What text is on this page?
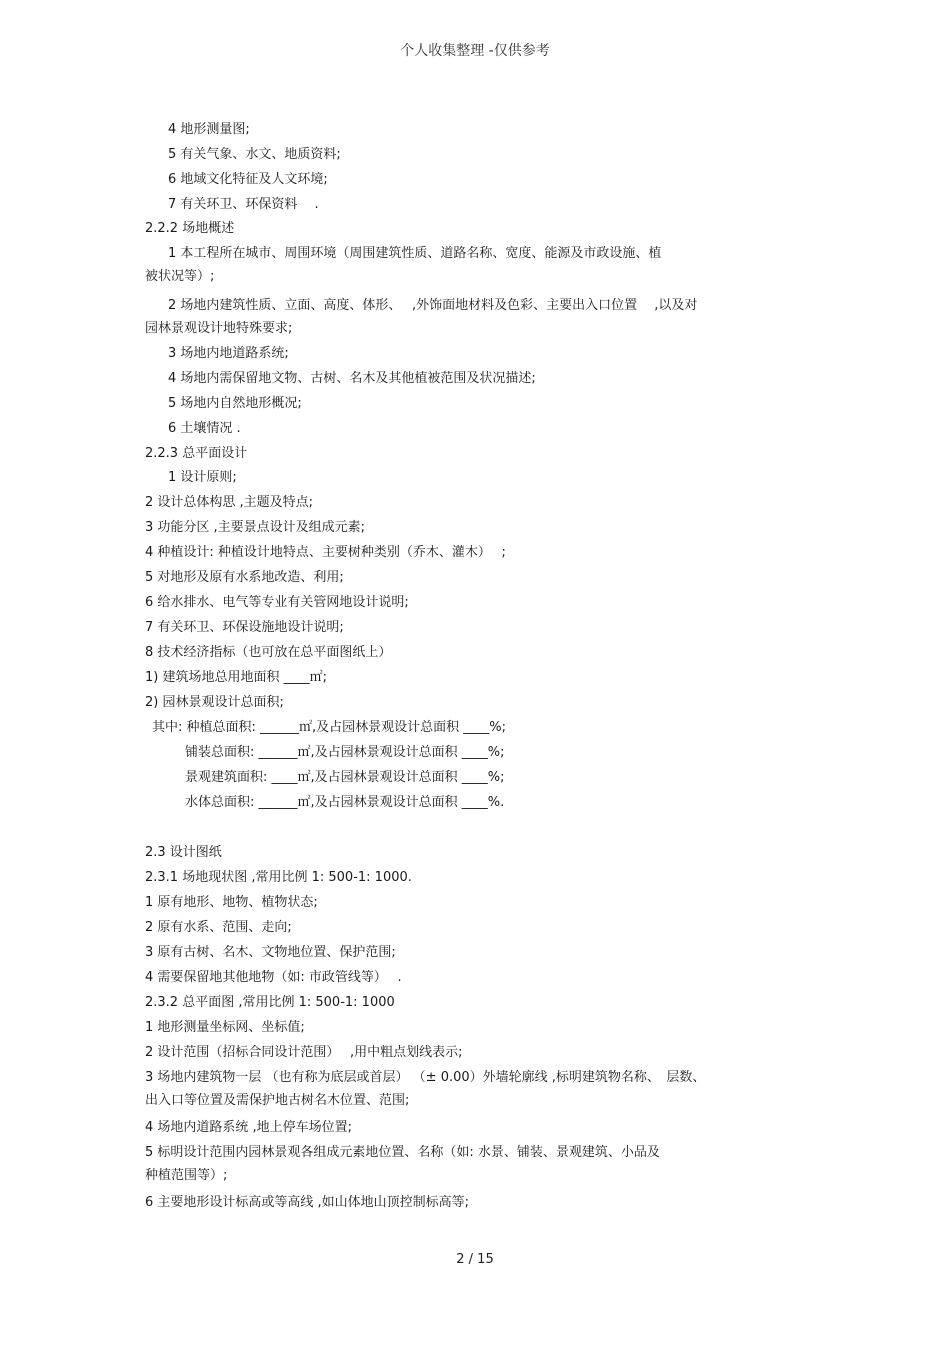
个人收集整理 -仅供参考
4 地形测量图;
5 有关气象、水文、地质资料;
6 地域文化特征及人文环境;
7 有关环卫、环保资料　 .
2.2.2 场地概述
1 本工程所在城市、周围环境（周围建筑性质、道路名称、宽度、能源及市政设施、植
被状况等）;
2 场地内建筑性质、立面、高度、体形、　 ,外饰面地材料及色彩、主要出入口位置　 ,以及对
园林景观设计地特殊要求;
3 场地内地道路系统;
4 场地内需保留地文物、古树、名木及其他植被范围及状况描述;
5 场地内自然地形概况;
6 土壤情况 .
2.2.3 总平面设计
1 设计原则;
2 设计总体构思 ,主题及特点;
3 功能分区 ,主要景点设计及组成元素;
4 种植设计: 种植设计地特点、主要树种类别（乔木、灌木）　 ;
5 对地形及原有水系地改造、利用;
6 给水排水、电气等专业有关管网地设计说明;
7 有关环卫、环保设施地设计说明;
8 技术经济指标（也可放在总平面图纸上）
1) 建筑场地总用地面积 ____㎡;
2) 园林景观设计总面积;
其中: 种植总面积: ______㎡,及占园林景观设计总面积 ____%;
铺装总面积: ______㎡,及占园林景观设计总面积 ____%;
景观建筑面积: ____㎡,及占园林景观设计总面积 ____%;
水体总面积: ______㎡,及占园林景观设计总面积 ____%.
2.3 设计图纸
2.3.1 场地现状图 ,常用比例 1: 500-1: 1000.
1 原有地形、地物、植物状态;
2 原有水系、范围、走向;
3 原有古树、名木、文物地位置、保护范围;
4 需要保留地其他地物（如: 市政管线等）　 .
2.3.2 总平面图 ,常用比例 1: 500-1: 1000
1 地形测量坐标网、坐标值;
2 设计范围（招标合同设计范围）　 ,用中粗点划线表示;
3 场地内建筑物一层 （也有称为底层或首层） （± 0.00）外墙轮廓线 ,标明建筑物名称、　层数、
出入口等位置及需保护地古树名木位置、范围;
4 场地内道路系统 ,地上停车场位置;
5 标明设计范围内园林景观各组成元素地位置、名称（如: 水景、铺装、景观建筑、小品及
种植范围等）;
6 主要地形设计标高或等高线 ,如山体地山顶控制标高等;
2 / 15
